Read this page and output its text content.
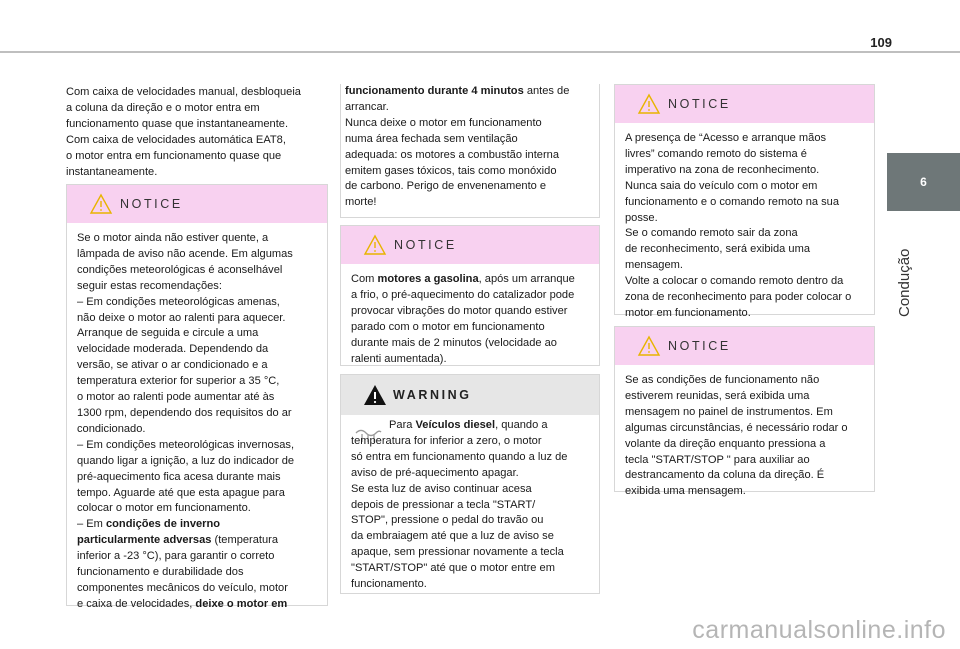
109
6
Condução
Com caixa de velocidades manual, desbloqueia
a coluna da direção e o motor entra em
funcionamento quase que instantaneamente.
Com caixa de velocidades automática EAT8,
o motor entra em funcionamento quase que
instantaneamente.
NOTICE
Se o motor ainda não estiver quente, a
lâmpada de aviso não acende. Em algumas
condições meteorológicas é aconselhável
seguir estas recomendações:
– Em condições meteorológicas amenas,
não deixe o motor ao ralenti para aquecer.
Arranque de seguida e circule a uma
velocidade moderada. Dependendo da
versão, se ativar o ar condicionado e a
temperatura exterior for superior a 35 °C,
o motor ao ralenti pode aumentar até às
1300 rpm, dependendo dos requisitos do ar
condicionado.
– Em condições meteorológicas invernosas,
quando ligar a ignição, a luz do indicador de
pré-aquecimento fica acesa durante mais
tempo. Aguarde até que esta apague para
colocar o motor em funcionamento.
– Em condições de inverno
particularmente adversas (temperatura
inferior a -23 °C), para garantir o correto
funcionamento e durabilidade dos
componentes mecânicos do veículo, motor
e caixa de velocidades, deixe o motor em
funcionamento durante 4 minutos antes de
arrancar.
Nunca deixe o motor em funcionamento
numa área fechada sem ventilação
adequada: os motores a combustão interna
emitem gases tóxicos, tais como monóxido
de carbono. Perigo de envenenamento e
morte!
NOTICE
Com motores a gasolina, após um arranque
a frio, o pré-aquecimento do catalizador pode
provocar vibrações do motor quando estiver
parado com o motor em funcionamento
durante mais de 2 minutos (velocidade ao
ralenti aumentada).
WARNING
Para Veículos diesel, quando a
temperatura for inferior a zero, o motor
só entra em funcionamento quando a luz de
aviso de pré-aquecimento apagar.
Se esta luz de aviso continuar acesa
depois de pressionar a tecla "START/
STOP", pressione o pedal do travão ou
da embraiagem até que a luz de aviso se
apaque, sem pressionar novamente a tecla
"START/STOP" até que o motor entre em
funcionamento.
NOTICE
A presença de “Acesso e arranque mãos
livres” comando remoto do sistema é
imperativo na zona de reconhecimento.
Nunca saia do veículo com o motor em
funcionamento e o comando remoto na sua
posse.
Se o comando remoto sair da zona
de reconhecimento, será exibida uma
mensagem.
Volte a colocar o comando remoto dentro da
zona de reconhecimento para poder colocar o
motor em funcionamento.
NOTICE
Se as condições de funcionamento não
estiverem reunidas, será exibida uma
mensagem no painel de instrumentos. Em
algumas circunstâncias, é necessário rodar o
volante da direção enquanto pressiona a
tecla "START/STOP " para auxiliar ao
destrancamento da coluna da direção. É
exibida uma mensagem.
carmanualsonline.info
